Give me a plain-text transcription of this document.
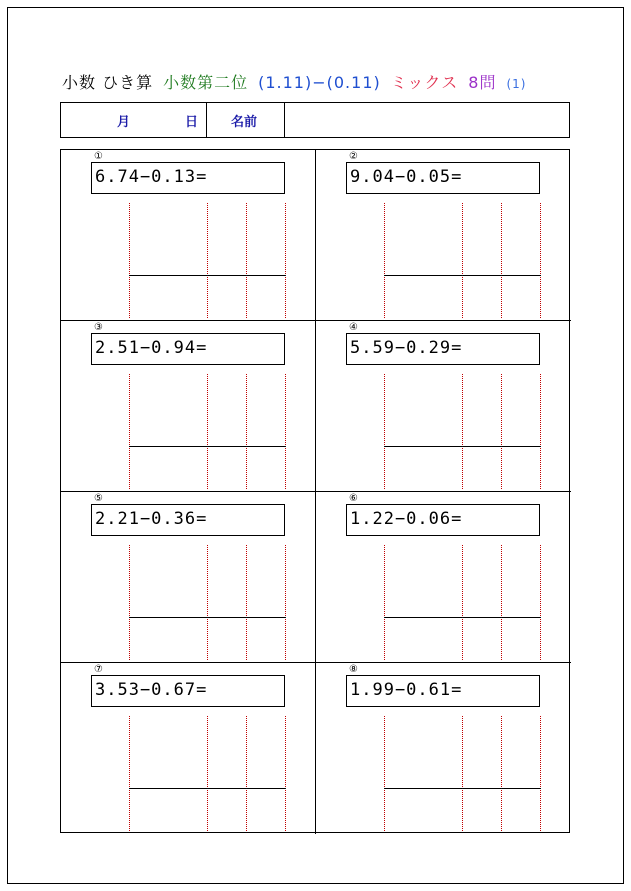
小数 ひき算 小数第二位 (1.11)−(0.11) ミックス 8問 (1)
月	日	名前
①
6.74−0.13=
②
9.04−0.05=
③
2.51−0.94=
④
5.59−0.29=
⑤
2.21−0.36=
⑥
1.22−0.06=
⑦
3.53−0.67=
⑧
1.99−0.61=
